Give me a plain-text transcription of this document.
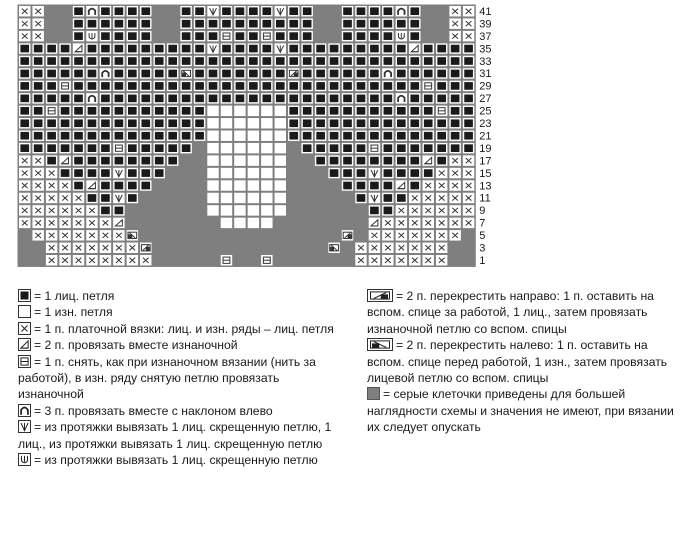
41
39
37
35
33
31
29
27
25
23
21
19
17
15
13
11
9
7
5
3
1
= 1 лиц. петля
= 1 изн. петля
= 1 п. платочной вязки: лиц. и изн. ряды – лиц. петля
= 2 п. провязать вместе изнаночной
= 1 п. снять, как при изнаночном вязании (нить за работой), в изн. ряду снятую петлю провязать изнаночной
= 3 п. провязать вместе с наклоном влево
= из протяжки вывязать 1 лиц. скрещенную петлю, 1 лиц., из протяжки вывязать 1 лиц. скрещенную петлю
= из протяжки вывязать 1 лиц. скрещенную петлю
= 2 п. перекрестить направо: 1 п. оставить на вспом. спице за работой, 1 лиц., затем провязать изнаночной петлю со вспом. спицы
= 2 п. перекрестить налево: 1 п. оставить на вспом. спице перед работой, 1 изн., затем провязать лицевой петлю со вспом. спицы
= серые клеточки приведены для большей наглядности схемы и значения не имеют, при вязании их следует опускать
